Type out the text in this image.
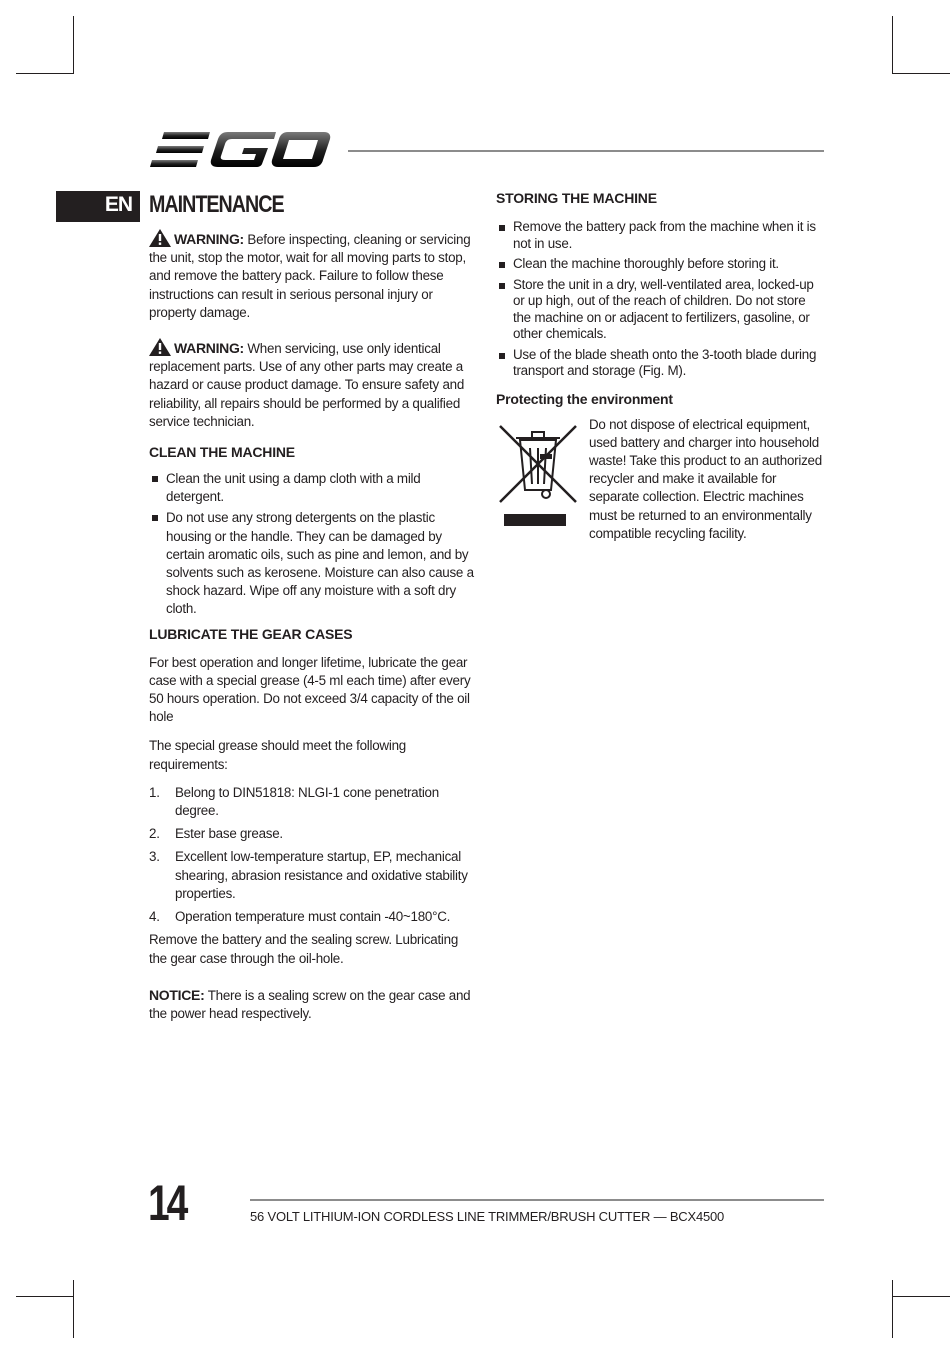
EN MAINTENANCE

WARNING: Before inspecting, cleaning or servicing the unit, stop the motor, wait for all moving parts to stop, and remove the battery pack. Failure to follow these instructions can result in serious personal injury or property damage.

WARNING: When servicing, use only identical replacement parts. Use of any other parts may create a hazard or cause product damage. To ensure safety and reliability, all repairs should be performed by a qualified service technician.

CLEAN THE MACHINE
Clean the unit using a damp cloth with a mild detergent.
Do not use any strong detergents on the plastic housing or the handle. They can be damaged by certain aromatic oils, such as pine and lemon, and by solvents such as kerosene. Moisture can also cause a shock hazard. Wipe off any moisture with a soft dry cloth.
LUBRICATE THE GEAR CASES

For best operation and longer lifetime, lubricate the gear case with a special grease (4-5 ml each time) after every 50 hours operation. Do not exceed 3/4 capacity of the oil hole

The special grease should meet the following requirements:

1. Belong to DIN51818: NLGI-1 cone penetration degree.
2. Ester base grease.
3. Excellent low-temperature startup, EP, mechanical shearing, abrasion resistance and oxidative stability properties.
4. Operation temperature must contain -40~180°C.

Remove the battery and the sealing screw. Lubricating the gear case through the oil-hole.

NOTICE: There is a sealing screw on the gear case and the power head respectively.

STORING THE MACHINE
Remove the battery pack from the machine when it is not in use.
Clean the machine thoroughly before storing it.
Store the unit in a dry, well-ventilated area, locked-up or up high, out of the reach of children. Do not store the machine on or adjacent to fertilizers, gasoline, or other chemicals.
Use of the blade sheath onto the 3-tooth blade during transport and storage (Fig. M).
Protecting the environment

Do not dispose of electrical equipment, used battery and charger into household waste! Take this product to an authorized recycler and make it available for separate collection. Electric machines must be returned to an environmentally compatible recycling facility.

14	56 VOLT LITHIUM-ION CORDLESS LINE TRIMMER/BRUSH CUTTER — BCX4500
